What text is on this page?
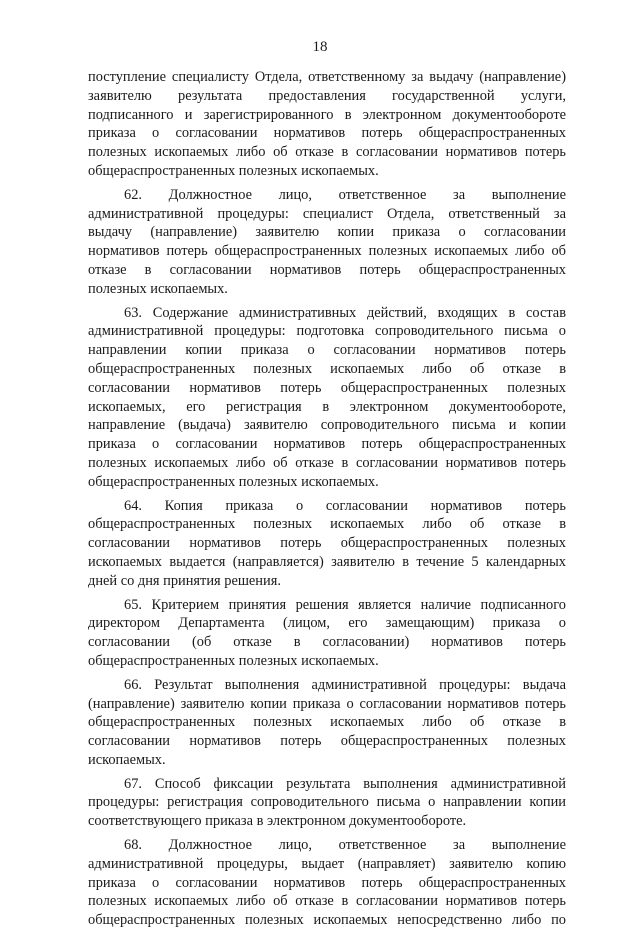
18
поступление специалисту Отдела, ответственному за выдачу (направление)
заявителю результата предоставления государственной услуги,
подписанного и зарегистрированного в электронном документообороте
приказа о согласовании нормативов потерь общераспространенных
полезных ископаемых либо об отказе в согласовании нормативов потерь
общераспространенных полезных ископаемых.
62. Должностное лицо, ответственное за выполнение
административной процедуры: специалист Отдела, ответственный за
выдачу (направление) заявителю копии приказа о согласовании
нормативов потерь общераспространенных полезных ископаемых либо об
отказе в согласовании нормативов потерь общераспространенных
полезных ископаемых.
63. Содержание административных действий, входящих в состав
административной процедуры: подготовка сопроводительного письма о
направлении копии приказа о согласовании нормативов потерь
общераспространенных полезных ископаемых либо об отказе в
согласовании нормативов потерь общераспространенных полезных
ископаемых, его регистрация в электронном документообороте,
направление (выдача) заявителю сопроводительного письма и копии
приказа о согласовании нормативов потерь общераспространенных
полезных ископаемых либо об отказе в согласовании нормативов потерь
общераспространенных полезных ископаемых.
64. Копия приказа о согласовании нормативов потерь
общераспространенных полезных ископаемых либо об отказе в
согласовании нормативов потерь общераспространенных полезных
ископаемых выдается (направляется) заявителю в течение 5 календарных
дней со дня принятия решения.
65. Критерием принятия решения является наличие подписанного
директором Департамента (лицом, его замещающим) приказа о
согласовании (об отказе в согласовании) нормативов потерь
общераспространенных полезных ископаемых.
66. Результат выполнения административной процедуры: выдача
(направление) заявителю копии приказа о согласовании нормативов потерь
общераспространенных полезных ископаемых либо об отказе в
согласовании нормативов потерь общераспространенных полезных
ископаемых.
67. Способ фиксации результата выполнения административной
процедуры: регистрация сопроводительного письма о направлении копии
соответствующего приказа в электронном документообороте.
68. Должностное лицо, ответственное за выполнение
административной процедуры, выдает (направляет) заявителю копию
приказа о согласовании нормативов потерь общераспространенных
полезных ископаемых либо об отказе в согласовании нормативов потерь
общераспространенных полезных ископаемых непосредственно либо по
